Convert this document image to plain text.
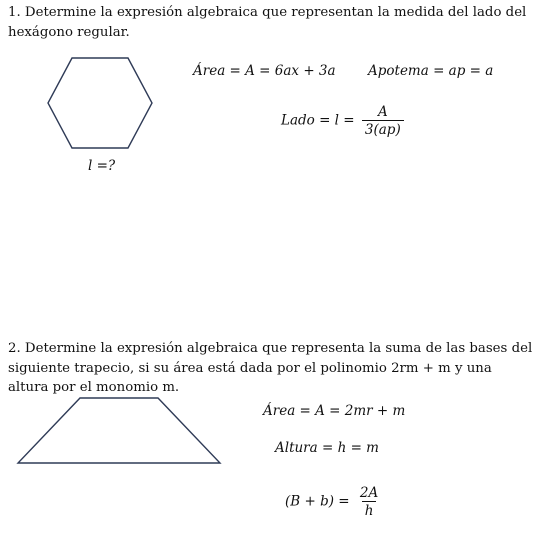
1. Determine la expresión algebraica que representan la medida del lado del hexágono regular.
l =?
Área = A = 6ax + 3a Apotema = ap = a
Lado = $l = \frac{A}{3(ap)}$
2. Determine la expresión algebraica que representa la suma de las bases del siguiente trapecio, si su área está dada por el polinomio 2rm + m y una altura por el monomio m.
Área = A = 2mr + m
Altura = h = m
$(B + b) = \frac{2A}{h}$
